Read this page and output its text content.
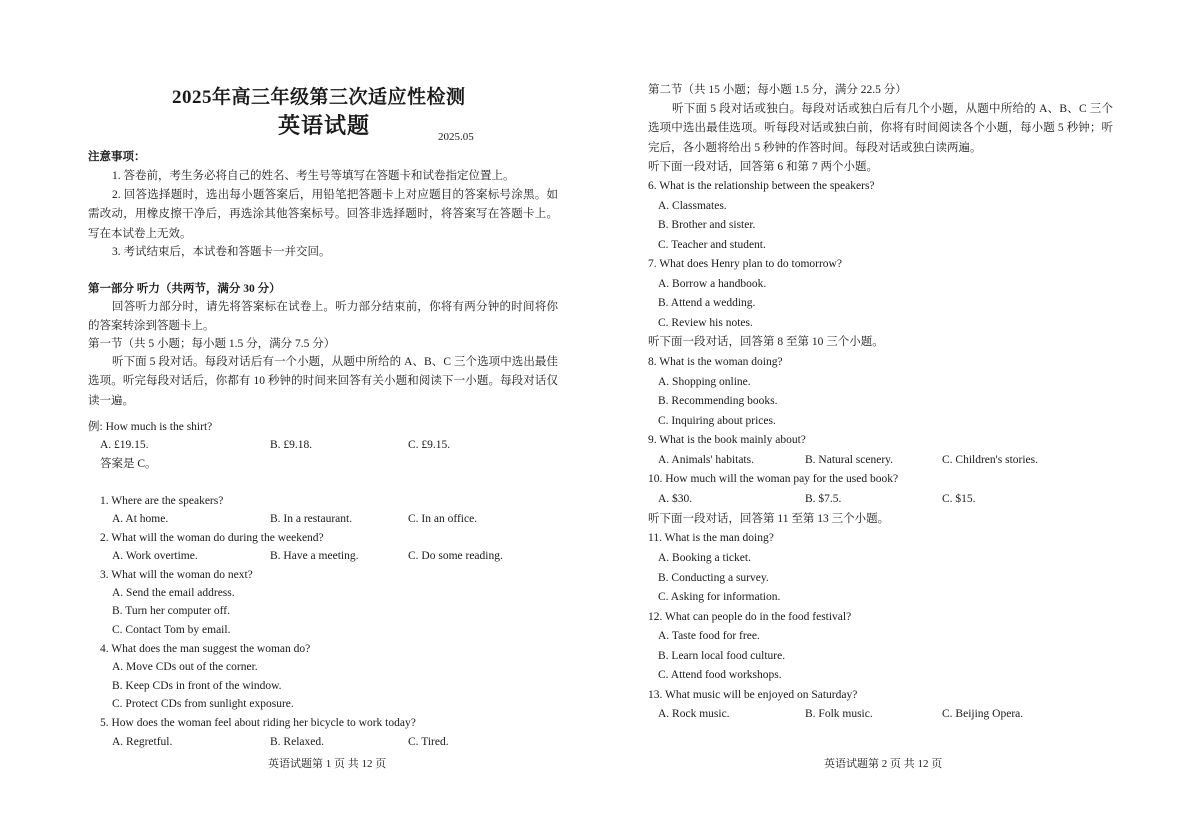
2025年高三年级第三次适应性检测
英语试题	2025.05
注意事项：
1. 答卷前，考生务必将自己的姓名、考生号等填写在答题卡和试卷指定位置上。
2. 回答选择题时，选出每小题答案后，用铅笔把答题卡上对应题目的答案标号涂黑。如需改动，用橡皮擦干净后，再选涂其他答案标号。回答非选择题时，将答案写在答题卡上。写在本试卷上无效。
3. 考试结束后，本试卷和答题卡一并交回。
第一部分 听力（共两节，满分 30 分）
回答听力部分时，请先将答案标在试卷上。听力部分结束前，你将有两分钟的时间将你的答案转涂到答题卡上。
第一节（共 5 小题；每小题 1.5 分，满分 7.5 分）
听下面 5 段对话。每段对话后有一个小题，从题中所给的 A、B、C 三个选项中选出最佳选项。听完每段对话后，你都有 10 秒钟的时间来回答有关小题和阅读下一小题。每段对话仅读一遍。
例: How much is the shirt?
A. £19.15.	B. £9.18.	C. £9.15.
答案是 C。
1. Where are the speakers?
A. At home.	B. In a restaurant.	C. In an office.
2. What will the woman do during the weekend?
A. Work overtime.	B. Have a meeting.	C. Do some reading.
3. What will the woman do next?
A. Send the email address.
B. Turn her computer off.
C. Contact Tom by email.
4. What does the man suggest the woman do?
A. Move CDs out of the corner.
B. Keep CDs in front of the window.
C. Protect CDs from sunlight exposure.
5. How does the woman feel about riding her bicycle to work today?
A. Regretful.	B. Relaxed.	C. Tired.
英语试题第 1 页 共 12 页
第二节（共 15 小题；每小题 1.5 分，满分 22.5 分）
听下面 5 段对话或独白。每段对话或独白后有几个小题，从题中所给的 A、B、C 三个选项中选出最佳选项。听每段对话或独白前，你将有时间阅读各个小题，每小题 5 秒钟；听完后，各小题将给出 5 秒钟的作答时间。每段对话或独白读两遍。
听下面一段对话，回答第 6 和第 7 两个小题。
6. What is the relationship between the speakers?
A. Classmates.
B. Brother and sister.
C. Teacher and student.
7. What does Henry plan to do tomorrow?
A. Borrow a handbook.
B. Attend a wedding.
C. Review his notes.
听下面一段对话，回答第 8 至第 10 三个小题。
8. What is the woman doing?
A. Shopping online.
B. Recommending books.
C. Inquiring about prices.
9. What is the book mainly about?
A. Animals' habitats.	B. Natural scenery.	C. Children's stories.
10. How much will the woman pay for the used book?
A. $30.	B. $7.5.	C. $15.
听下面一段对话，回答第 11 至第 13 三个小题。
11. What is the man doing?
A. Booking a ticket.
B. Conducting a survey.
C. Asking for information.
12. What can people do in the food festival?
A. Taste food for free.
B. Learn local food culture.
C. Attend food workshops.
13. What music will be enjoyed on Saturday?
A. Rock music.	B. Folk music.	C. Beijing Opera.
英语试题第 2 页 共 12 页
